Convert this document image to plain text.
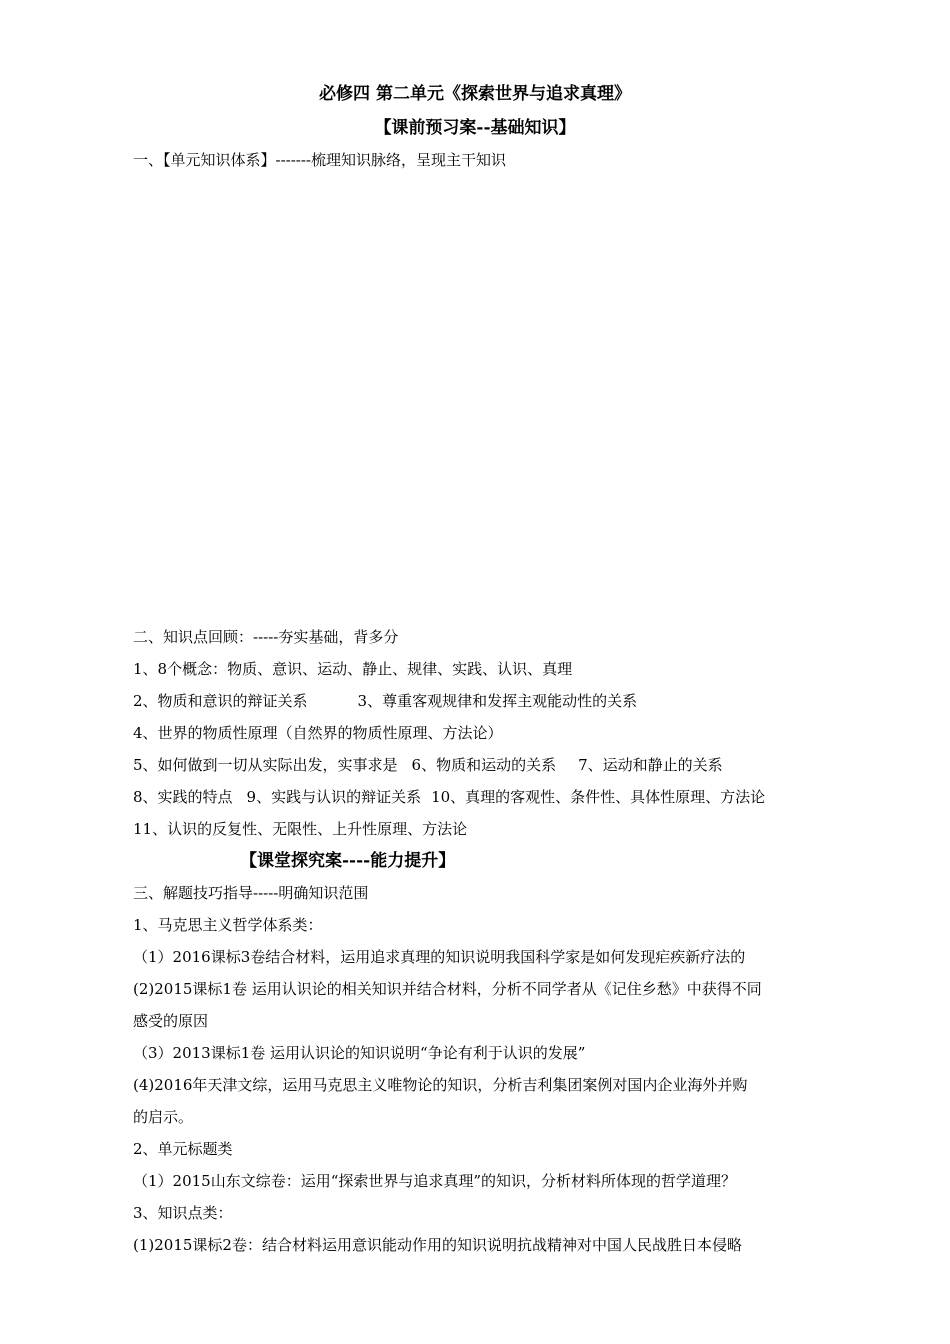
必修四 第二单元《探索世界与追求真理》
【课前预习案--基础知识】
一、【单元知识体系】-------梳理知识脉络，呈现主干知识
二、知识点回顾：-----夯实基础，背多分
1、8个概念：物质、意识、运动、静止、规律、实践、认识、真理
2、物质和意识的辩证关系	3、尊重客观规律和发挥主观能动性的关系
4、世界的物质性原理（自然界的物质性原理、方法论）
5、如何做到一切从实际出发，实事求是 6、物质和运动的关系 7、运动和静止的关系
8、实践的特点 9、实践与认识的辩证关系 10、真理的客观性、条件性、具体性原理、方法论
11、认识的反复性、无限性、上升性原理、方法论
【课堂探究案----能力提升】
三、解题技巧指导-----明确知识范围
1、马克思主义哲学体系类：
（1）2016课标3卷结合材料，运用追求真理的知识说明我国科学家是如何发现疟疾新疗法的
(2)2015课标1卷 运用认识论的相关知识并结合材料，分析不同学者从《记住乡愁》中获得不同
感受的原因
（3）2013课标1卷 运用认识论的知识说明“争论有利于认识的发展”
(4)2016年天津文综，运用马克思主义唯物论的知识，分析吉利集团案例对国内企业海外并购
的启示。
2、单元标题类
（1）2015山东文综卷：运用“探索世界与追求真理”的知识，分析材料所体现的哲学道理？
3、知识点类：
(1)2015课标2卷：结合材料运用意识能动作用的知识说明抗战精神对中国人民战胜日本侵略
